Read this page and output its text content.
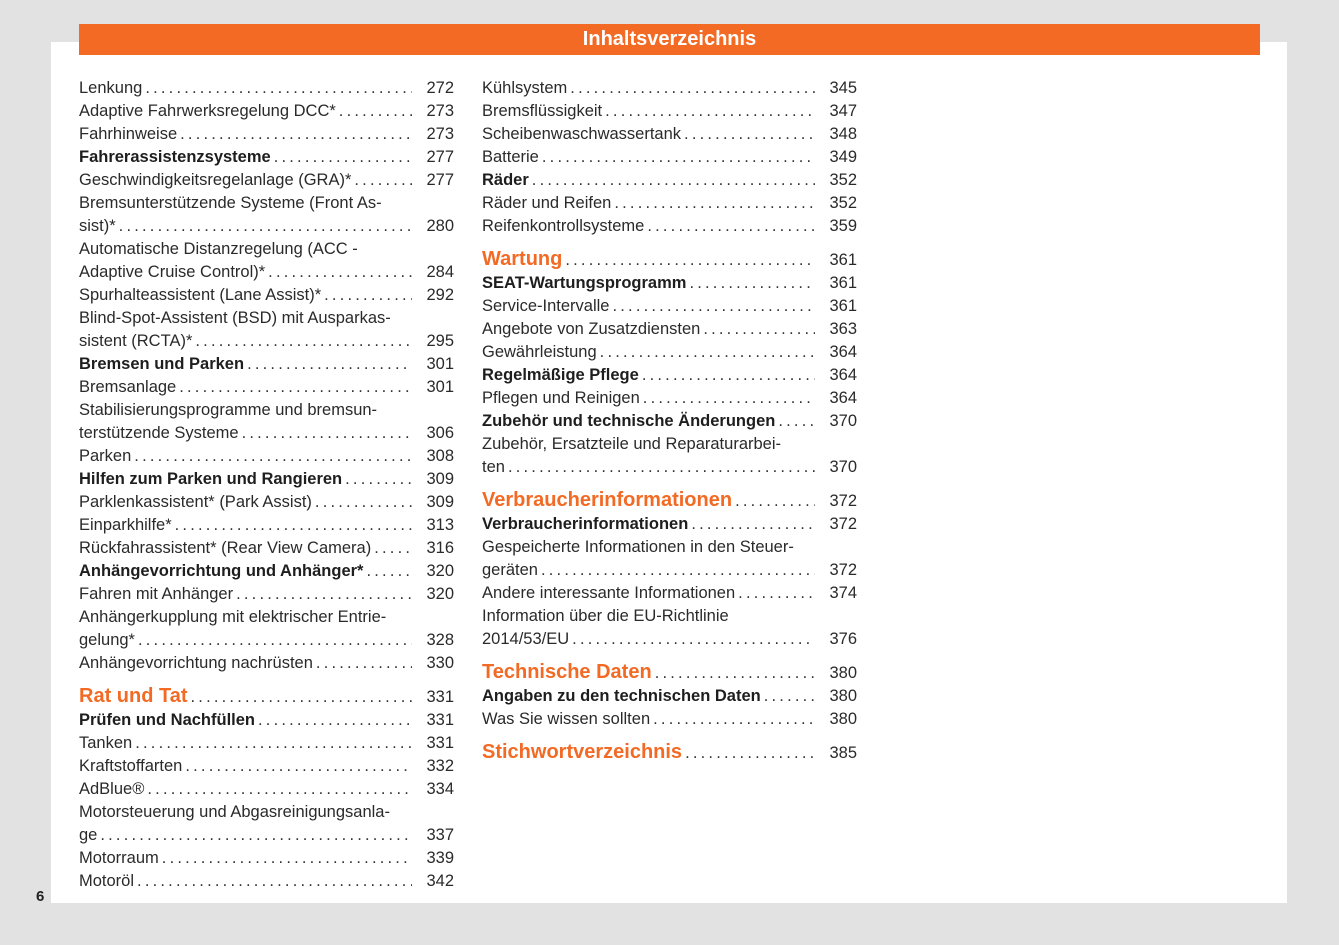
Inhaltsverzeichnis
Lenkung .....	272
Adaptive Fahrwerksregelung DCC* .....	273
Fahrhinweise .....	273
Fahrerassistenzsysteme .....	277
Geschwindigkeitsregelanlage (GRA)* .....	277
Bremsunterstützende Systeme (Front As-
sist)* .....	280
Automatische Distanzregelung (ACC -
Adaptive Cruise Control)* .....	284
Spurhalteassistent (Lane Assist)* .....	292
Blind-Spot-Assistent (BSD) mit Ausparkas-
sistent (RCTA)* .....	295
Bremsen und Parken .....	301
Bremsanlage .....	301
Stabilisierungsprogramme und bremsun-
terstützende Systeme .....	306
Parken .....	308
Hilfen zum Parken und Rangieren .....	309
Parklenkassistent* (Park Assist) .....	309
Einparkhilfe* .....	313
Rückfahrassistent* (Rear View Camera) .....	316
Anhängevorrichtung und Anhänger* .....	320
Fahren mit Anhänger .....	320
Anhängerkupplung mit elektrischer Entrie-
gelung* .....	328
Anhängevorrichtung nachrüsten .....	330
Rat und Tat .....	331
Prüfen und Nachfüllen .....	331
Tanken .....	331
Kraftstoffarten .....	332
AdBlue® .....	334
Motorsteuerung und Abgasreinigungsanla-
ge .....	337
Motorraum .....	339
Motoröl .....	342
Kühlsystem .....	345
Bremsflüssigkeit .....	347
Scheibenwaschwassertank .....	348
Batterie .....	349
Räder .....	352
Räder und Reifen .....	352
Reifenkontrollsysteme .....	359
Wartung .....	361
SEAT-Wartungsprogramm .....	361
Service-Intervalle .....	361
Angebote von Zusatzdiensten .....	363
Gewährleistung .....	364
Regelmäßige Pflege .....	364
Pflegen und Reinigen .....	364
Zubehör und technische Änderungen .....	370
Zubehör, Ersatzteile und Reparaturarbei-
ten .....	370
Verbraucherinformationen .....	372
Verbraucherinformationen .....	372
Gespeicherte Informationen in den Steuer-
geräten .....	372
Andere interessante Informationen .....	374
Information über die EU-Richtlinie
2014/53/EU .....	376
Technische Daten .....	380
Angaben zu den technischen Daten .....	380
Was Sie wissen sollten .....	380
Stichwortverzeichnis .....	385
6
